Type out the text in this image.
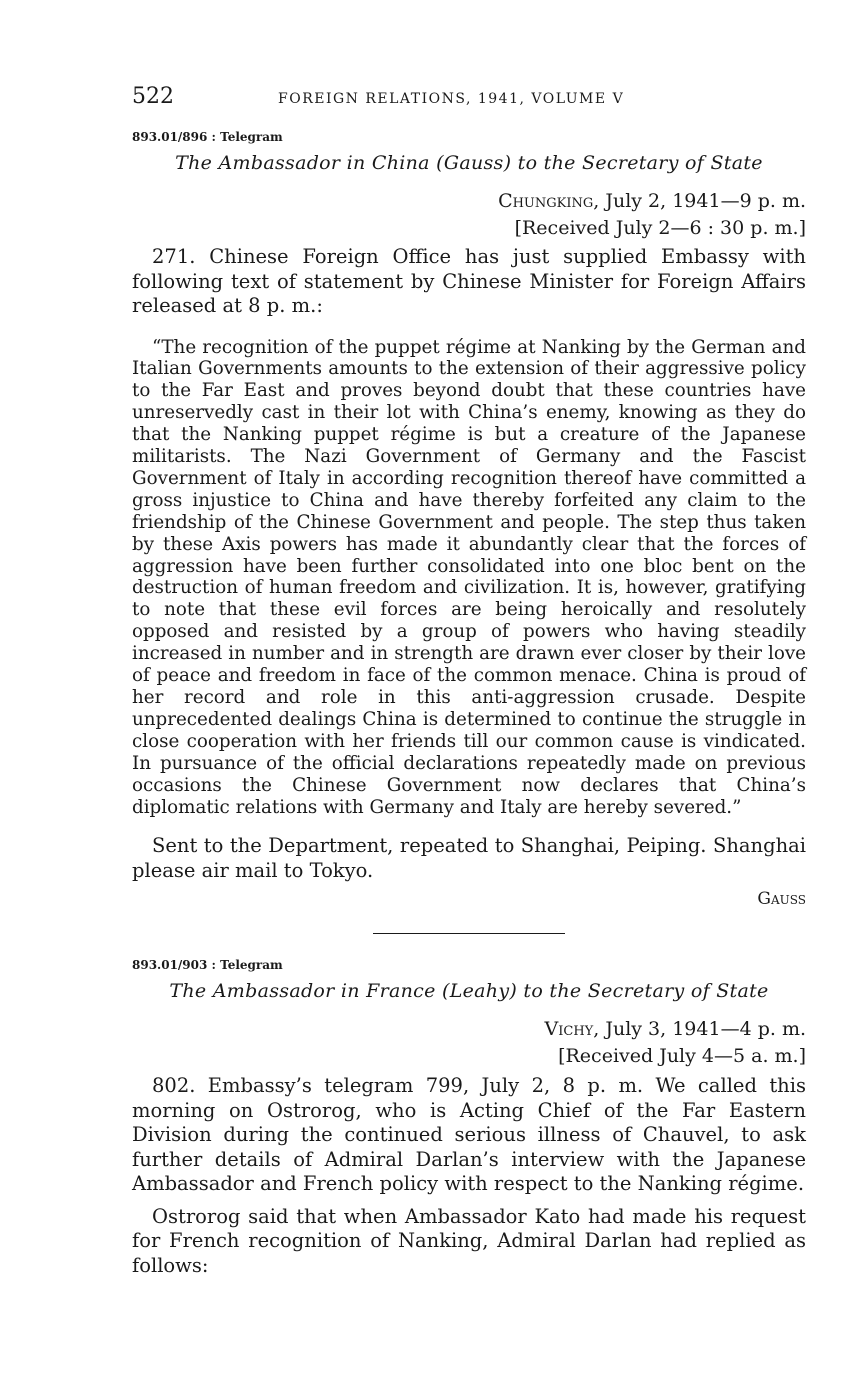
522	FOREIGN RELATIONS, 1941, VOLUME V
893.01/896 : Telegram
The Ambassador in China (Gauss) to the Secretary of State
Chungking, July 2, 1941—9 p. m.
[Received July 2—6 : 30 p. m.]

271. Chinese Foreign Office has just supplied Embassy with following text of statement by Chinese Minister for Foreign Affairs released at 8 p. m.:

“The recognition of the puppet régime at Nanking by the German and Italian Governments amounts to the extension of their aggressive policy to the Far East and proves beyond doubt that these countries have unreservedly cast in their lot with China’s enemy, knowing as they do that the Nanking puppet régime is but a creature of the Japanese militarists. The Nazi Government of Germany and the Fascist Government of Italy in according recognition thereof have committed a gross injustice to China and have thereby forfeited any claim to the friendship of the Chinese Government and people. The step thus taken by these Axis powers has made it abundantly clear that the forces of aggression have been further consolidated into one bloc bent on the destruction of human freedom and civilization. It is, however, gratifying to note that these evil forces are being heroically and resolutely opposed and resisted by a group of powers who having steadily increased in number and in strength are drawn ever closer by their love of peace and freedom in face of the common menace. China is proud of her record and role in this anti-aggression crusade. Despite unprecedented dealings China is determined to continue the struggle in close cooperation with her friends till our common cause is vindicated. In pursuance of the official declarations repeatedly made on previous occasions the Chinese Government now declares that China’s diplomatic relations with Germany and Italy are hereby severed.”

Sent to the Department, repeated to Shanghai, Peiping. Shanghai please air mail to Tokyo.

Gauss
893.01/903 : Telegram
The Ambassador in France (Leahy) to the Secretary of State
Vichy, July 3, 1941—4 p. m.
[Received July 4—5 a. m.]

802. Embassy’s telegram 799, July 2, 8 p. m. We called this morning on Ostrorog, who is Acting Chief of the Far Eastern Division during the continued serious illness of Chauvel, to ask further details of Admiral Darlan’s interview with the Japanese Ambassador and French policy with respect to the Nanking régime.

Ostrorog said that when Ambassador Kato had made his request for French recognition of Nanking, Admiral Darlan had replied as follows:
